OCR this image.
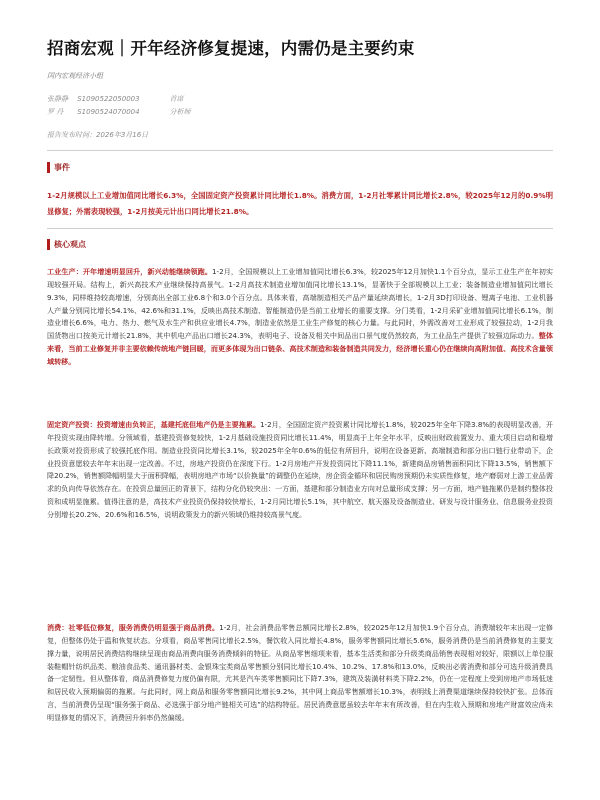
招商宏观｜开年经济修复提速，内需仍是主要约束
国内宏观经济小组
张静静 S1090522050003	首席
罗 丹 S1090524070004	分析师
报告发布时间：2026年3月16日
事件
1-2月规模以上工业增加值同比增长6.3%，全国固定资产投资累计同比增长1.8%。消费方面，1-2月社零累计同比增长2.8%，较2025年12月的0.9%明显修复；外需表现较强，1-2月按美元计出口同比增长21.8%。
核心观点
工业生产：开年增速明显回升，新兴动能继续领跑。1-2月，全国规模以上工业增加值同比增长6.3%，较2025年12月加快1.1个百分点，显示工业生产在年初实现较强开局。结构上，新兴高技术产业继续保持高景气。1-2月高技术制造业增加值同比增长13.1%，显著快于全部规模以上工业；装备制造业增加值同比增长9.3%，同样维持较高增速，分别高出全部工业6.8个和3.0个百分点。具体来看，高端制造相关产品产量延续高增长，1-2月3D打印设备、锂离子电池、工业机器人产量分别同比增长54.1%、42.6%和31.1%，反映出高技术制造、智能制造仍是当前工业增长的重要支撑。分门类看，1-2月采矿业增加值同比增长6.1%，制造业增长6.6%，电力、热力、燃气及水生产和供应业增长4.7%，制造业依然是工业生产修复的核心力量。与此同时，外需改善对工业形成了较强拉动，1-2月我国货物出口按美元计增长21.8%，其中机电产品出口增长24.3%，表明电子、设备及相关中间品出口景气度仍然较高，为工业品生产提供了较强边际动力。整体来看，当前工业修复并非主要依赖传统地产链回暖，而更多体现为出口链条、高技术制造和装备制造共同发力，经济增长重心仍在继续向高附加值、高技术含量领域转移。
固定资产投资：投资增速由负转正，基建托底但地产仍是主要拖累。1-2月，全国固定资产投资累计同比增长1.8%，较2025年全年下降3.8%的表现明显改善，开年投资实现由降转增。分领域看，基建投资修复较快，1-2月基础设施投资同比增长11.4%，明显高于上年全年水平，反映出财政前置发力、重大项目启动和稳增长政策对投资形成了较强托底作用。制造业投资同比增长3.1%，较2025年全年0.6%的低位有所回升，说明在设备更新、高端制造和部分出口链行业带动下，企业投资意愿较去年年末出现一定改善。不过，房地产投资仍在深度下行。1-2月房地产开发投资同比下降11.1%，新建商品房销售面积同比下降13.5%，销售额下降20.2%，销售额降幅明显大于面积降幅，表明房地产市场“以价换量”的调整仍在延续，房企资金循环和居民购房预期仍未实质性修复，地产磨弱对上游工业品需求的负向传导依然存在。在投资总量回正的背景下，结构分化仍较突出：一方面，基建和部分制造业方向对总量形成支撑；另一方面，地产链拖累仍是制约整体投资和成明显施累。值得注意的是，高技术产业投资仍保持较快增长，1-2月同比增长5.1%，其中航空、航天器及设备制造业、研发与设计服务业、信息服务业投资分别增长20.2%、20.6%和16.5%，说明政策发力的新兴领域仍维持较高景气度。
消费：社零低位修复，服务消费仍明显强于商品消费。1-2月，社会消费品零售总额同比增长2.8%，较2025年12月加快1.9个百分点，消费端较年末出现一定修复，但整体仍处于温和恢复状态。分项看，商品零售同比增长2.5%，餐饮收入同比增长4.8%，服务零售额同比增长5.6%，服务消费仍是当前消费修复的主要支撑力量，说明居民消费结构继续呈现由商品消费向服务消费倾斜的特征。从商品零售细项来看，基本生活类和部分升级类商品销售表现相对较好，限额以上单位服装鞋帽针纺织品类、粮油食品类、通讯器材类、金银珠宝类商品零售额分别同比增长10.4%、10.2%、17.8%和13.0%，反映出必需消费和部分可选升级消费具备一定韧性。但从整体看，商品消费修复力度仍偏有限，尤其是汽车类零售额同比下降7.3%，建筑及装潢材料类下降2.2%，仍在一定程度上受到房地产市场低迷和居民收入预期偏弱的拖累。与此同时，网上商品和服务零售额同比增长9.2%，其中网上商品零售额增长10.3%，表明线上消费渠道继续保持较快扩张。总体而言，当前消费仍呈现“服务强于商品、必选强于部分地产链相关可选”的结构特征。居民消费意愿虽较去年年末有所改善，但在内生收入预期和房地产财富效应尚未明显修复的情况下，消费回升斜率仍然偏缓。
